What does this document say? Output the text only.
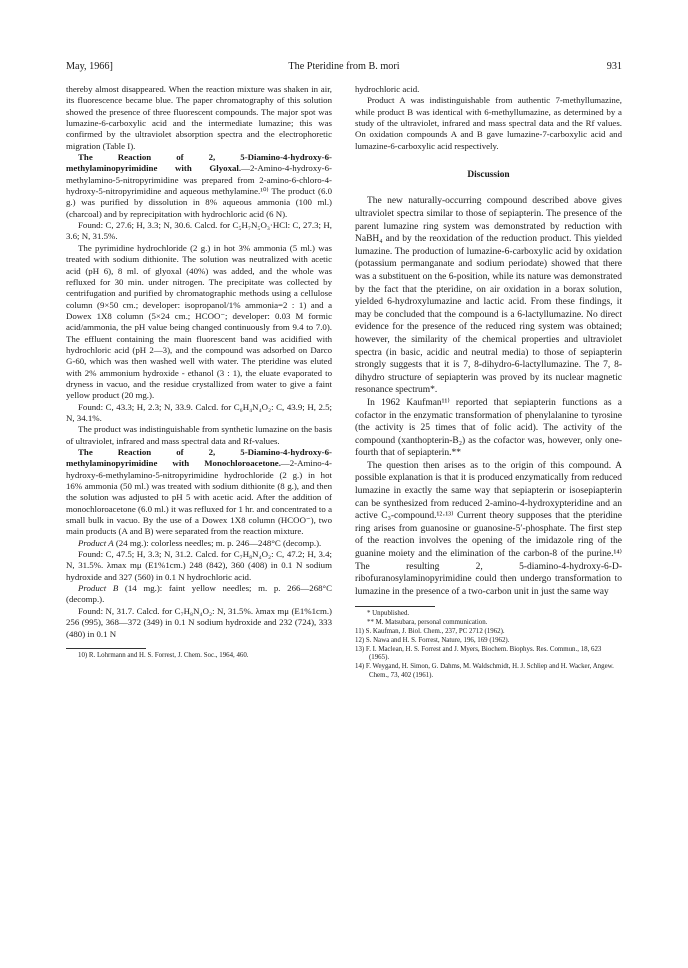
May, 1966]	The Pteridine from B. mori	931

thereby almost disappeared. When the reaction mixture was shaken in air, its fluorescence became blue. The paper chromatography of this solution showed the presence of three fluorescent compounds. The major spot was lumazine-6-carboxylic acid and the intermediate lumazine; this was confirmed by the ultraviolet absorption spectra and the electrophoretic migration (Table I).

The Reaction of 2, 5-Diamino-4-hydroxy-6-methylaminopyrimidine with Glyoxal.—2-Amino-4-hydroxy-6-methylamino-5-nitropyrimidine was prepared from 2-amino-6-chloro-4-hydroxy-5-nitropyrimidine and aqueous methylamine.¹⁰⁾ The product (6.0 g.) was purified by dissolution in 8% aqueous ammonia (100 ml.) (charcoal) and by reprecipitation with hydrochloric acid (6 N).

Found: C, 27.6; H, 3.3; N, 30.6. Calcd. for C₅H₇N₅O₃·HCl: C, 27.3; H, 3.6; N, 31.5%.

The pyrimidine hydrochloride (2 g.) in hot 3% ammonia (5 ml.) was treated with sodium dithionite. The solution was neutralized with acetic acid (pH 6), 8 ml. of glyoxal (40%) was added, and the whole was refluxed for 30 min. under nitrogen. The precipitate was collected by centrifugation and purified by chromatographic methods using a cellulose column (9×50 cm.; developer: isopropanol/1% ammonia=2 : 1) and a Dowex 1X8 column (5×24 cm.; HCOO⁻; developer: 0.03 M formic acid/ammonia, the pH value being changed continuously from 9.4 to 7.0). The effluent containing the main fluorescent band was acidified with hydrochloric acid (pH 2—3), and the compound was adsorbed on Darco G-60, which was then washed well with water. The pteridine was eluted with 2% ammonium hydroxide - ethanol (3 : 1), the eluate evaporated to dryness in vacuo, and the residue crystallized from water to give a faint yellow product (20 mg.).

Found: C, 43.3; H, 2.3; N, 33.9. Calcd. for C₆H₄N₄O₂: C, 43.9; H, 2.5; N, 34.1%.

The product was indistinguishable from synthetic lumazine on the basis of ultraviolet, infrared and mass spectral data and Rf-values.

The Reaction of 2, 5-Diamino-4-hydroxy-6-methylaminopyrimidine with Monochloroacetone.—2-Amino-4-hydroxy-6-methylamino-5-nitropyrimidine hydrochloride (2 g.) in hot 16% ammonia (50 ml.) was treated with sodium dithionite (8 g.), and then the solution was adjusted to pH 5 with acetic acid. After the addition of monochloroacetone (6.0 ml.) it was refluxed for 1 hr. and concentrated to a small bulk in vacuo. By the use of a Dowex 1X8 column (HCOO⁻), two main products (A and B) were separated from the reaction mixture.

Product A (24 mg.): colorless needles; m. p. 246—248°C (decomp.).

Found: C, 47.5; H, 3.3; N, 31.2. Calcd. for C₇H₈N₄O₂: C, 47.2; H, 3.4; N, 31.5%. λmax mμ (E1%1cm.) 248 (842), 360 (408) in 0.1 N sodium hydroxide and 327 (560) in 0.1 N hydrochloric acid.

Product B (14 mg.): faint yellow needles; m. p. 266—268°C (decomp.).

Found: N, 31.7. Calcd. for C₇H₈N₄O₂: N, 31.5%. λmax mμ (E1%1cm.) 256 (995), 368—372 (349) in 0.1 N sodium hydroxide and 232 (724), 333 (480) in 0.1 N

10) R. Lohrmann and H. S. Forrest, J. Chem. Soc., 1964, 460.

hydrochloric acid.

Product A was indistinguishable from authentic 7-methyllumazine, while product B was identical with 6-methyllumazine, as determined by a study of the ultraviolet, infrared and mass spectral data and the Rf values. On oxidation compounds A and B gave lumazine-7-carboxylic acid and lumazine-6-carboxylic acid respectively.

Discussion

The new naturally-occurring compound described above gives ultraviolet spectra similar to those of sepiapterin. The presence of the parent lumazine ring system was demonstrated by reduction with NaBH₄ and by the reoxidation of the reduction product. This yielded lumazine. The production of lumazine-6-carboxylic acid by oxidation (potassium permanganate and sodium periodate) showed that there was a substituent on the 6-position, while its nature was demonstrated by the fact that the pteridine, on air oxidation in a borax solution, yielded 6-hydroxylumazine and lactic acid. From these findings, it may be concluded that the compound is a 6-lactyllumazine. No direct evidence for the presence of the reduced ring system was obtained; however, the similarity of the chemical properties and ultraviolet spectra (in basic, acidic and neutral media) to those of sepiapterin strongly suggests that it is 7, 8-dihydro-6-lactyllumazine. The 7, 8-dihydro structure of sepiapterin was proved by its nuclear magnetic resonance spectrum*.

In 1962 Kaufman¹¹⁾ reported that sepiapterin functions as a cofactor in the enzymatic transformation of phenylalanine to tyrosine (the activity is 25 times that of folic acid). The activity of the compound (xanthopterin-B₂) as the cofactor was, however, only one-fourth that of sepiapterin.**

The question then arises as to the origin of this compound. A possible explanation is that it is produced enzymatically from reduced lumazine in exactly the same way that sepiapterin or isosepiapterin can be synthesized from reduced 2-amino-4-hydroxypteridine and an active C₃-compound.¹²·¹³⁾ Current theory supposes that the pteridine ring arises from guanosine or guanosine-5′-phosphate. The first step of the reaction involves the opening of the imidazole ring of the guanine moiety and the elimination of the carbon-8 of the purine.¹⁴⁾ The resulting 2, 5-diamino-4-hydroxy-6-D-ribofuranosylaminopyrimidine could then undergo transformation to lumazine in the presence of a two-carbon unit in just the same way

* Unpublished.

** M. Matsubara, personal communication.

11) S. Kaufman, J. Biol. Chem., 237, PC 2712 (1962).

12) S. Nawa and H. S. Forrest, Nature, 196, 169 (1962).

13) F. I. Maclean, H. S. Forrest and J. Myers, Biochem. Biophys. Res. Commun., 18, 623 (1965).

14) F. Weygand, H. Simon, G. Dahms, M. Waldschmidt, H. J. Schliep and H. Wacker, Angew. Chem., 73, 402 (1961).
